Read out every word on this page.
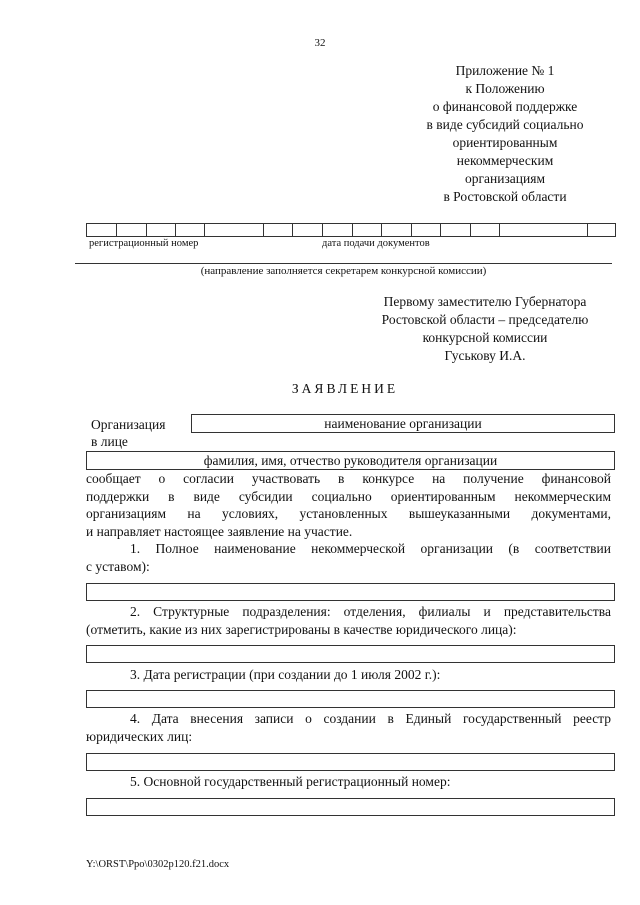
32
Приложение № 1
к Положению
о финансовой поддержке
в виде субсидий социально
ориентированным
некоммерческим
организациям
в Ростовской области
регистрационный номер	дата подачи документов
(направление заполняется секретарем конкурсной комиссии)
Первому заместителю Губернатора
Ростовской области – председателю
конкурсной комиссии
Гуськову И.А.
ЗАЯВЛЕНИЕ
Организация	наименование организации
в лице
фамилия, имя, отчество руководителя организации
сообщает о согласии участвовать в конкурсе на получение финансовой
поддержки в виде субсидии социально ориентированным некоммерческим
организациям на условиях, установленных вышеуказанными документами,
и направляет настоящее заявление на участие.
1. Полное наименование некоммерческой организации (в соответствии
с уставом):
2. Структурные подразделения: отделения, филиалы и представительства
(отметить, какие из них зарегистрированы в качестве юридического лица):
3. Дата регистрации (при создании до 1 июля 2002 г.):
4. Дата внесения записи о создании в Единый государственный реестр
юридических лиц:
5. Основной государственный регистрационный номер:
Y:\ORST\Ppo\0302p120.f21.docx
